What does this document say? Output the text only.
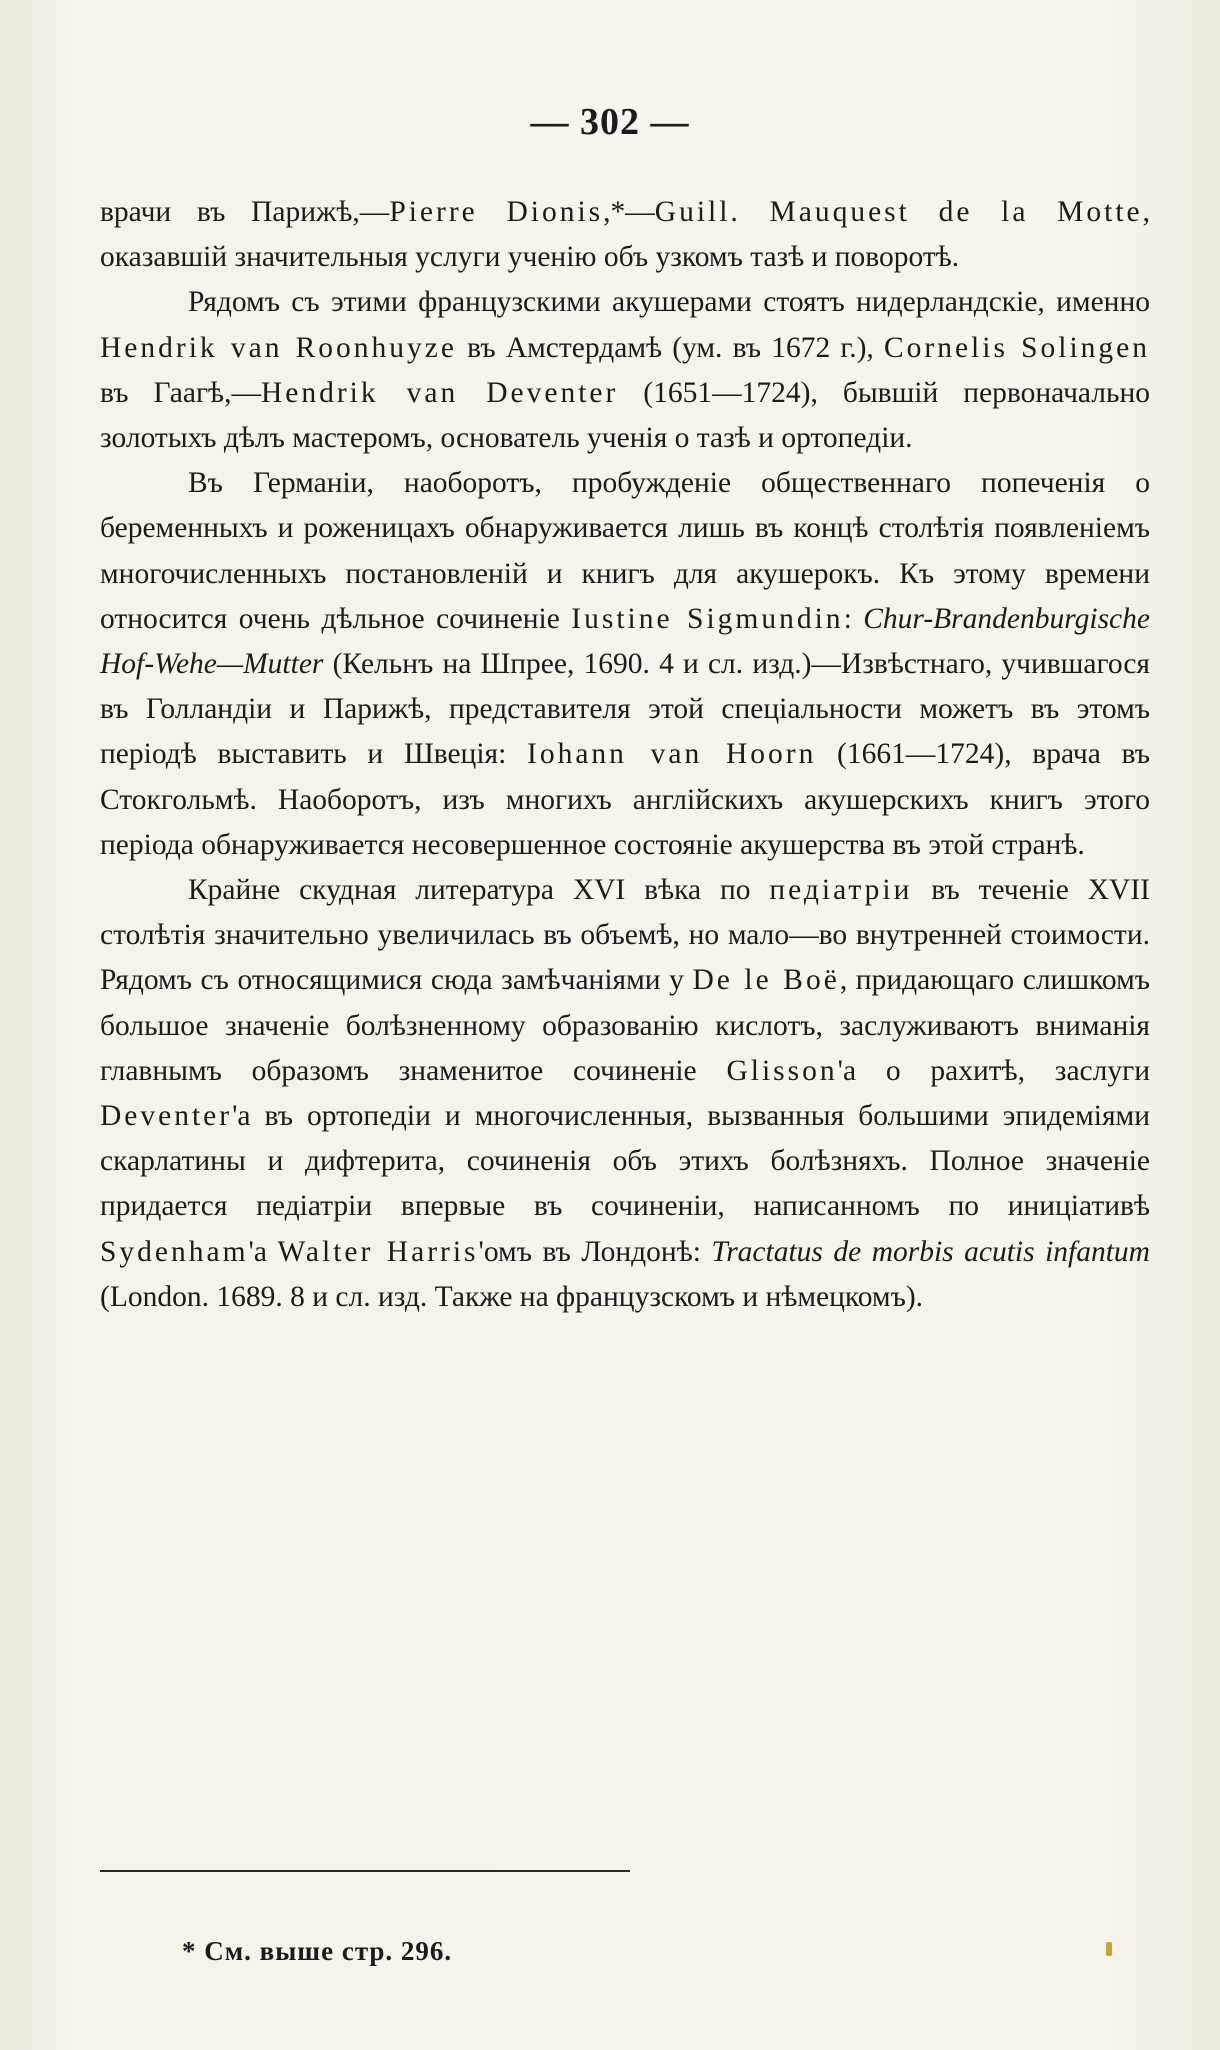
— 302 —

врачи въ Парижѣ,—Pierre Dionis,*—Guill. Mauquest de la Motte, оказавшій значительныя услуги ученію объ узкомъ тазѣ и поворотѣ.

Рядомъ съ этими французскими акушерами стоятъ нидерландскіе, именно Hendrik van Roonhuyze въ Амстердамѣ (ум. въ 1672 г.), Cornelis Solingen въ Гаагѣ,—Hendrik van Deventer (1651—1724), бывшій первоначально золотыхъ дѣлъ мастеромъ, основатель ученія о тазѣ и ортопедіи.

Въ Германіи, наоборотъ, пробужденіе общественнаго попеченія о беременныхъ и роженицахъ обнаруживается лишь въ концѣ столѣтія появленіемъ многочисленныхъ постановленій и книгъ для акушерокъ. Къ этому времени относится очень дѣльное сочиненіе Iustine Sigmundin: Chur-Brandenburgische Hof-Wehe—Mutter (Кельнъ на Шпрее, 1690. 4 и сл. изд.)—Извѣстнаго, учившагося въ Голландіи и Парижѣ, представителя этой спеціальности можетъ въ этомъ періодѣ выставить и Швеція: Iohann van Hoorn (1661—1724), врача въ Стокгольмѣ. Наоборотъ, изъ многихъ англійскихъ акушерскихъ книгъ этого періода обнаруживается несовершенное состояніе акушерства въ этой странѣ.

Крайне скудная литература XVI вѣка по педіатріи въ теченіе XVII столѣтія значительно увеличилась въ объемѣ, но мало—во внутренней стоимости. Рядомъ съ относящимися сюда замѣчаніями у De le Boë, придающаго слишкомъ большое значеніе болѣзненному образованію кислотъ, заслуживаютъ вниманія главнымъ образомъ знаменитое сочиненіе Glisson'а о рахитѣ, заслуги Deventer'а въ ортопедіи и многочисленныя, вызванныя большими эпидеміями скарлатины и дифтерита, сочиненія объ этихъ болѣзняхъ. Полное значеніе придается педіатріи впервые въ сочиненіи, написанномъ по иниціативѣ Sydenham'а Walter Harris'омъ въ Лондонѣ: Tractatus de morbis acutis infantum (London. 1689. 8 и сл. изд. Также на французскомъ и нѣмецкомъ).

* См. выше стр. 296.
